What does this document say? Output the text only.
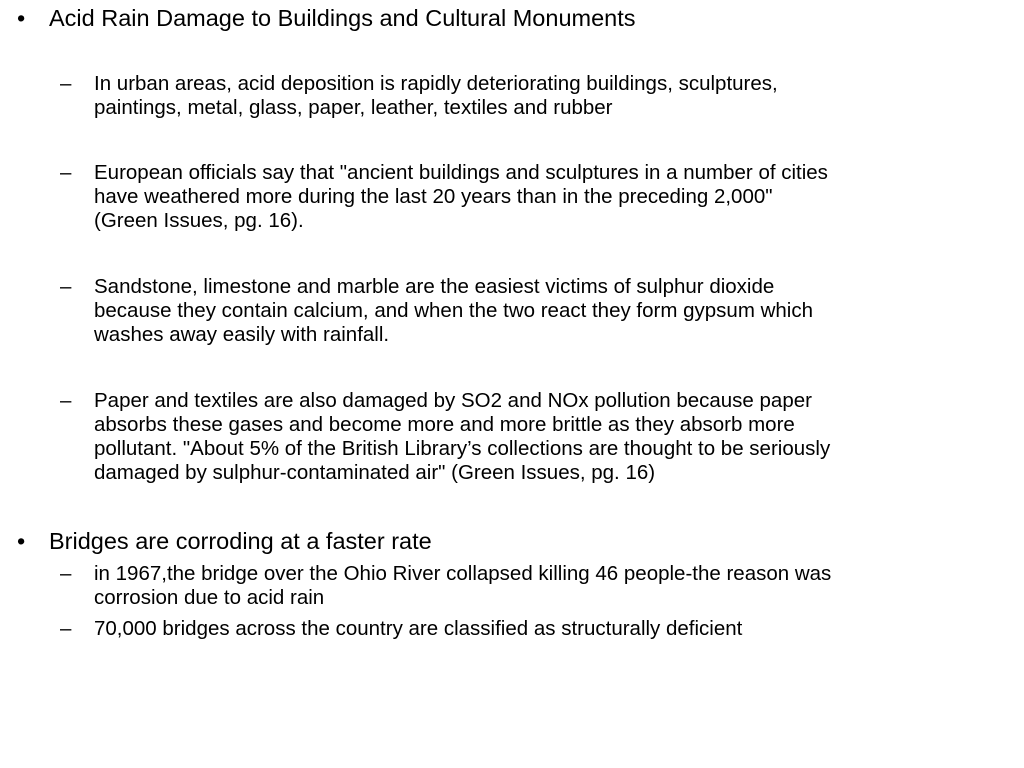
• Acid Rain Damage to Buildings and Cultural Monuments
– In urban areas, acid deposition is rapidly deteriorating buildings, sculptures,
paintings, metal, glass, paper, leather, textiles and rubber
– European officials say that "ancient buildings and sculptures in a number of cities
have weathered more during the last 20 years than in the preceding 2,000"
(Green Issues, pg. 16).
– Sandstone, limestone and marble are the easiest victims of sulphur dioxide
because they contain calcium, and when the two react they form gypsum which
washes away easily with rainfall.
– Paper and textiles are also damaged by SO2 and NOx pollution because paper
absorbs these gases and become more and more brittle as they absorb more
pollutant. "About 5% of the British Library’s collections are thought to be seriously
damaged by sulphur-contaminated air" (Green Issues, pg. 16)
• Bridges are corroding at a faster rate
– in 1967,the bridge over the Ohio River collapsed killing 46 people-the reason was
corrosion due to acid rain
– 70,000 bridges across the country are classified as structurally deficient
